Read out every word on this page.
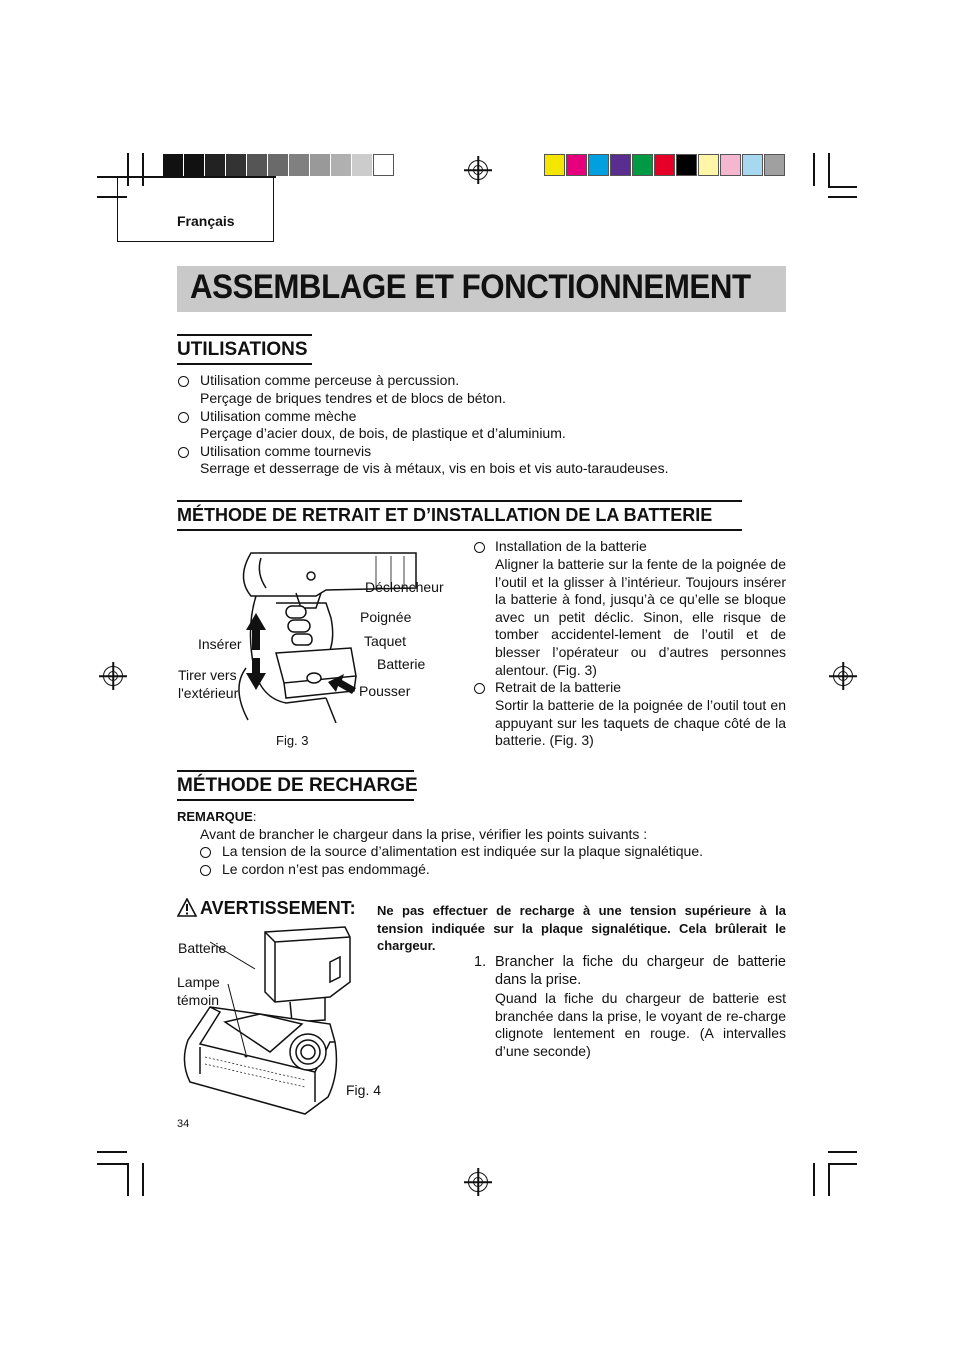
Français
ASSEMBLAGE ET FONCTIONNEMENT
UTILISATIONS
Utilisation comme perceuse à percussion.
Perçage de briques tendres et de blocs de béton.
Utilisation comme mèche
Perçage d’acier doux, de bois, de plastique et d’aluminium.
Utilisation comme tournevis
Serrage et desserrage de vis à métaux, vis en bois et vis auto-taraudeuses.
MÉTHODE DE RETRAIT ET D’INSTALLATION DE LA BATTERIE
Déclencheur
Poignée
Insérer	Taquet
Batterie
Tirer vers
l'extérieur	Pousser
Fig. 3
Installation de la batterie
Aligner la batterie sur la fente de la poignée de l’outil et la glisser à l’intérieur. Toujours insérer la batterie à fond, jusqu’à ce qu’elle se bloque avec un petit déclic. Sinon, elle risque de tomber accidentel-lement de l’outil et de blesser l’opérateur ou d’autres personnes alentour. (Fig. 3)
Retrait de la batterie
Sortir la batterie de la poignée de l’outil tout en appuyant sur les taquets de chaque côté de la batterie. (Fig. 3)
MÉTHODE DE RECHARGE
REMARQUE:
Avant de brancher le chargeur dans la prise, vérifier les points suivants :
La tension de la source d’alimentation est indiquée sur la plaque signalétique.
Le cordon n’est pas endommagé.
AVERTISSEMENT: Ne pas effectuer de recharge à une tension supérieure à la tension indiquée sur la plaque signalétique. Cela brûlerait le chargeur.
Batterie
Lampe
témoin
Fig. 4
1. Brancher la fiche du chargeur de batterie dans la prise.
Quand la fiche du chargeur de batterie est branchée dans la prise, le voyant de re-charge clignote lentement en rouge. (A intervalles d’une seconde)
34
